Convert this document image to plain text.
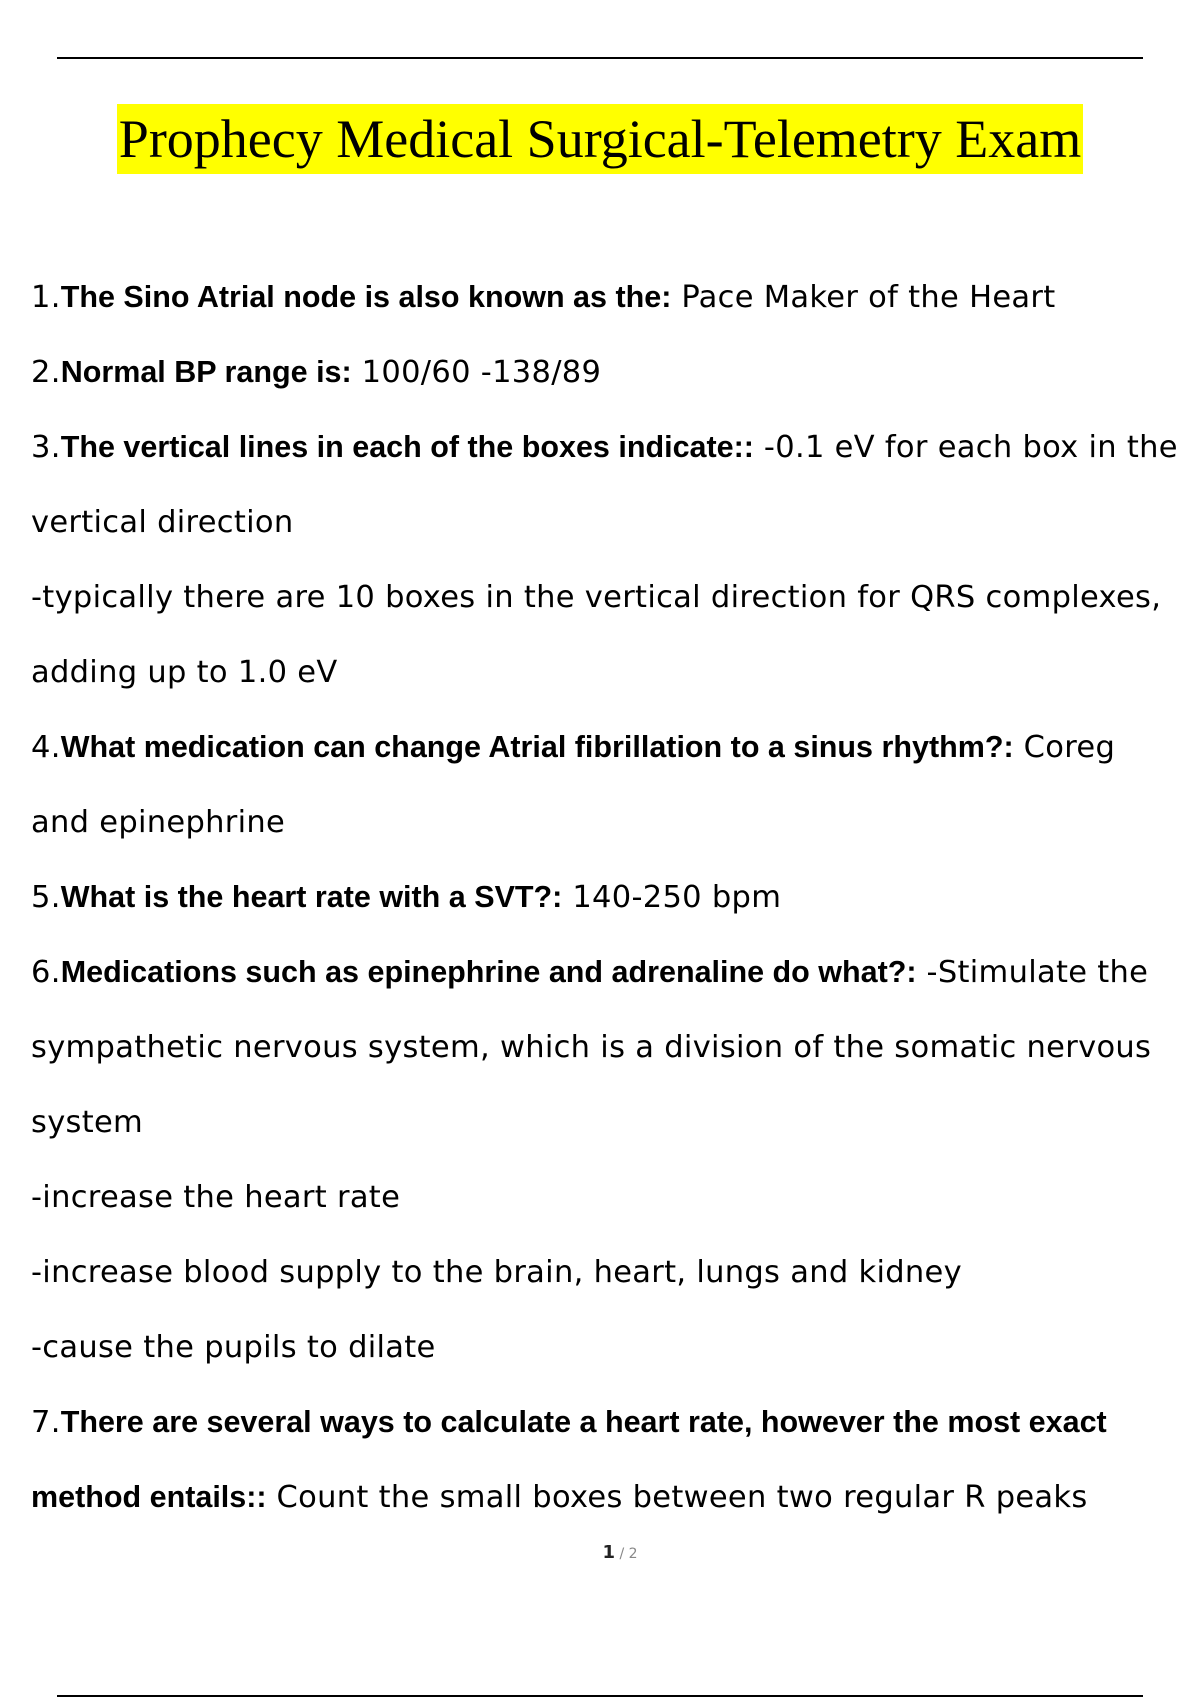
Prophecy Medical Surgical-Telemetry Exam

1.The Sino Atrial node is also known as the: Pace Maker of the Heart

2.Normal BP range is: 100/60 -138/89

3.The vertical lines in each of the boxes indicate:: -0.1 eV for each box in the vertical direction

-typically there are 10 boxes in the vertical direction for QRS complexes, adding up to 1.0 eV

4.What medication can change Atrial fibrillation to a sinus rhythm?: Coreg and epinephrine

5.What is the heart rate with a SVT?: 140-250 bpm

6.Medications such as epinephrine and adrenaline do what?: -Stimulate the sympathetic nervous system, which is a division of the somatic nervous system

-increase the heart rate

-increase blood supply to the brain, heart, lungs and kidney

-cause the pupils to dilate

7.There are several ways to calculate a heart rate, however the most exact method entails:: Count the small boxes between two regular R peaks

1 / 2
